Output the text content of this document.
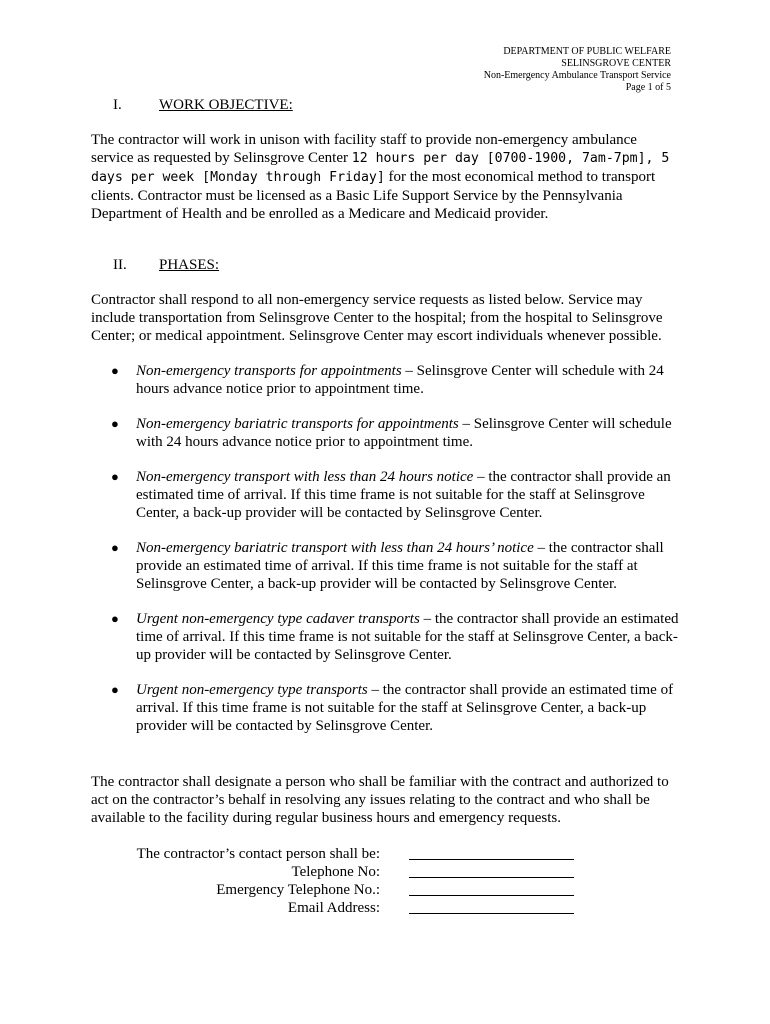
DEPARTMENT OF PUBLIC WELFARE
SELINSGROVE CENTER
Non-Emergency Ambulance Transport Service
Page 1 of 5
I. WORK OBJECTIVE:
The contractor will work in unison with facility staff to provide non-emergency ambulance service as requested by Selinsgrove Center 12 hours per day [0700-1900, 7am-7pm], 5 days per week [Monday through Friday] for the most economical method to transport clients. Contractor must be licensed as a Basic Life Support Service by the Pennsylvania Department of Health and be enrolled as a Medicare and Medicaid provider.
II. PHASES:
Contractor shall respond to all non-emergency service requests as listed below. Service may include transportation from Selinsgrove Center to the hospital; from the hospital to Selinsgrove Center; or medical appointment. Selinsgrove Center may escort individuals whenever possible.
● Non-emergency transports for appointments – Selinsgrove Center will schedule with 24 hours advance notice prior to appointment time.
● Non-emergency bariatric transports for appointments – Selinsgrove Center will schedule with 24 hours advance notice prior to appointment time.
● Non-emergency transport with less than 24 hours notice – the contractor shall provide an estimated time of arrival. If this time frame is not suitable for the staff at Selinsgrove Center, a back-up provider will be contacted by Selinsgrove Center.
● Non-emergency bariatric transport with less than 24 hours’ notice – the contractor shall provide an estimated time of arrival. If this time frame is not suitable for the staff at Selinsgrove Center, a back-up provider will be contacted by Selinsgrove Center.
● Urgent non-emergency type cadaver transports – the contractor shall provide an estimated time of arrival. If this time frame is not suitable for the staff at Selinsgrove Center, a back-up provider will be contacted by Selinsgrove Center.
● Urgent non-emergency type transports – the contractor shall provide an estimated time of arrival. If this time frame is not suitable for the staff at Selinsgrove Center, a back-up provider will be contacted by Selinsgrove Center.
The contractor shall designate a person who shall be familiar with the contract and authorized to act on the contractor’s behalf in resolving any issues relating to the contract and who shall be available to the facility during regular business hours and emergency requests.
The contractor’s contact person shall be:
Telephone No:
Emergency Telephone No.:
Email Address:
